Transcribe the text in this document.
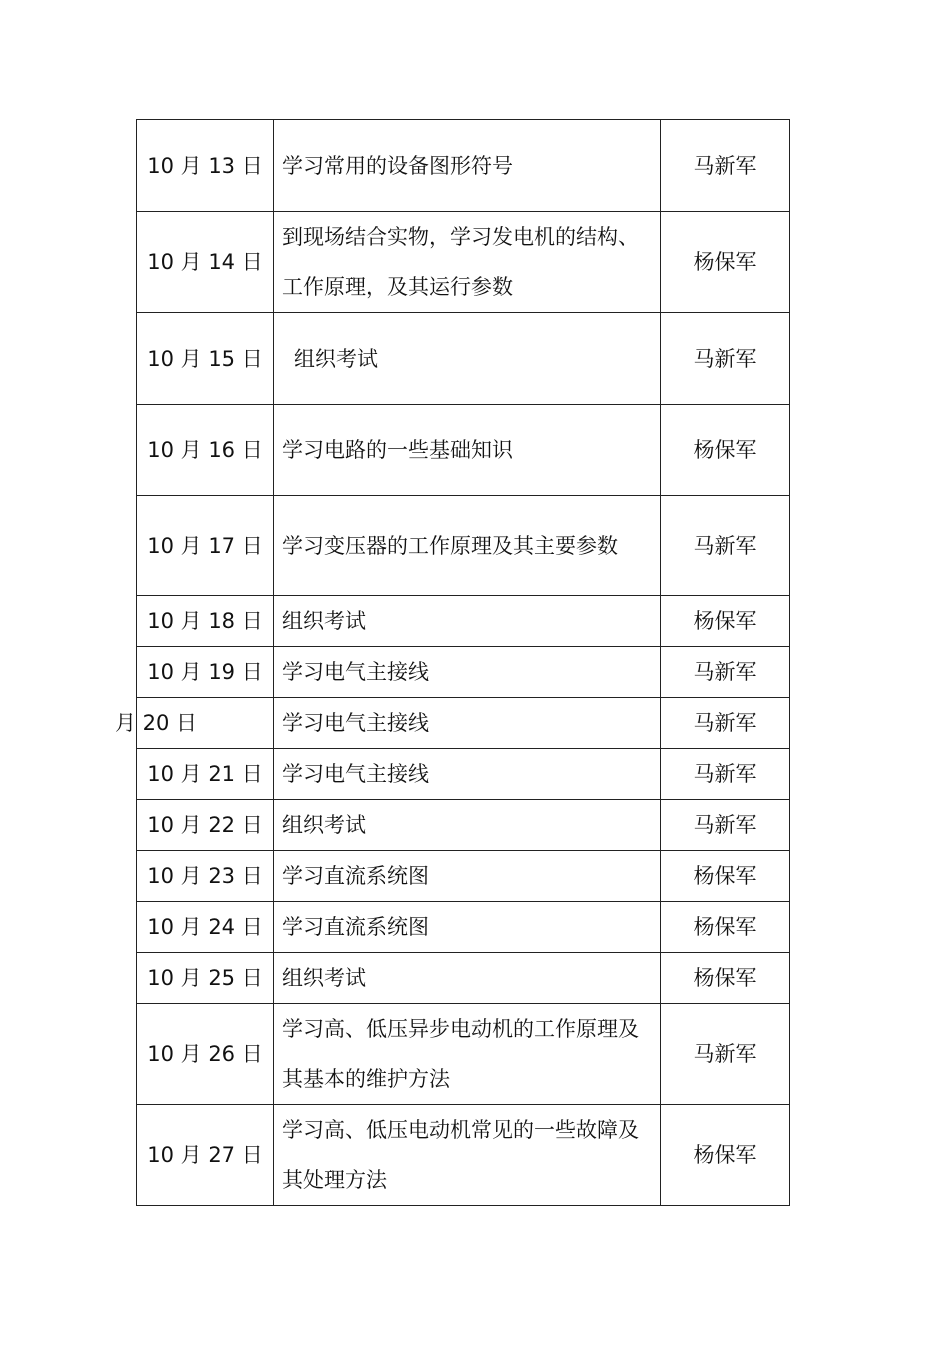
10 月 13 日	学习常用的设备图形符号	马新军
10 月 14 日	到现场结合实物，学习发电机的结构、工作原理，及其运行参数	杨保军
10 月 15 日	组织考试	马新军
10 月 16 日	学习电路的一些基础知识	杨保军
10 月 17 日	学习变压器的工作原理及其主要参数	马新军
10 月 18 日	组织考试	杨保军
10 月 19 日	学习电气主接线	马新军
月 20 日	学习电气主接线	马新军
10 月 21 日	学习电气主接线	马新军
10 月 22 日	组织考试	马新军
10 月 23 日	学习直流系统图	杨保军
10 月 24 日	学习直流系统图	杨保军
10 月 25 日	组织考试	杨保军
10 月 26 日	学习高、低压异步电动机的工作原理及其基本的维护方法	马新军
10 月 27 日	学习高、低压电动机常见的一些故障及其处理方法	杨保军
